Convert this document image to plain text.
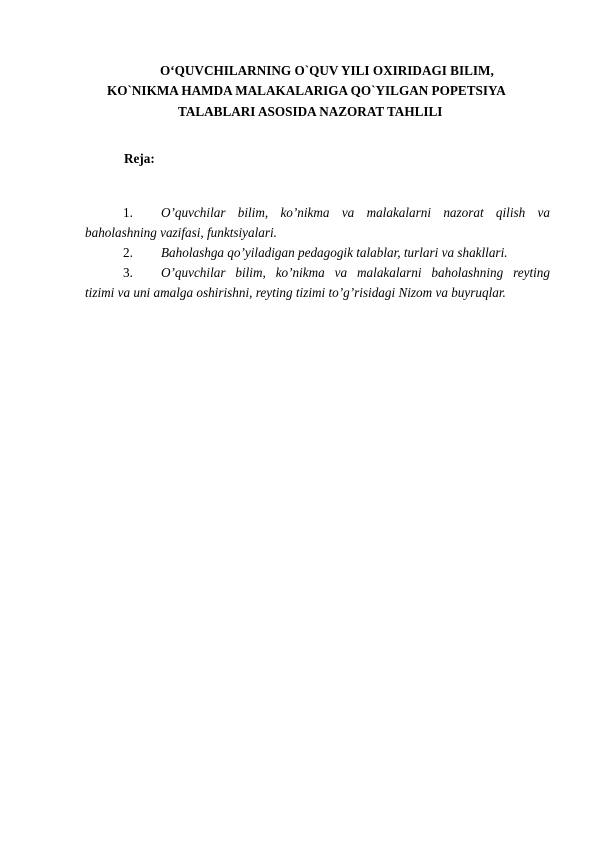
O‘QUVCHILARNING O`QUV YILI OXIRIDAGI BILIM,
KO`NIKMA HAMDA MALAKALARIGA QO`YILGAN POPETSIYA
TALABLARI ASOSIDA NAZORAT TAHLILI
Reja:
1.	O’quvchilar bilim, ko’nikma va malakalarni nazorat qilish va
baholashning vazifasi, funktsiyalari.
2.	Baholashga qo’yiladigan pedagogik talablar, turlari va shakllari.
3.	O’quvchilar bilim, ko’nikma va malakalarni baholashning reyting
tizimi va uni amalga oshirishni, reyting tizimi to’g’risidagi Nizom va buyruqlar.
